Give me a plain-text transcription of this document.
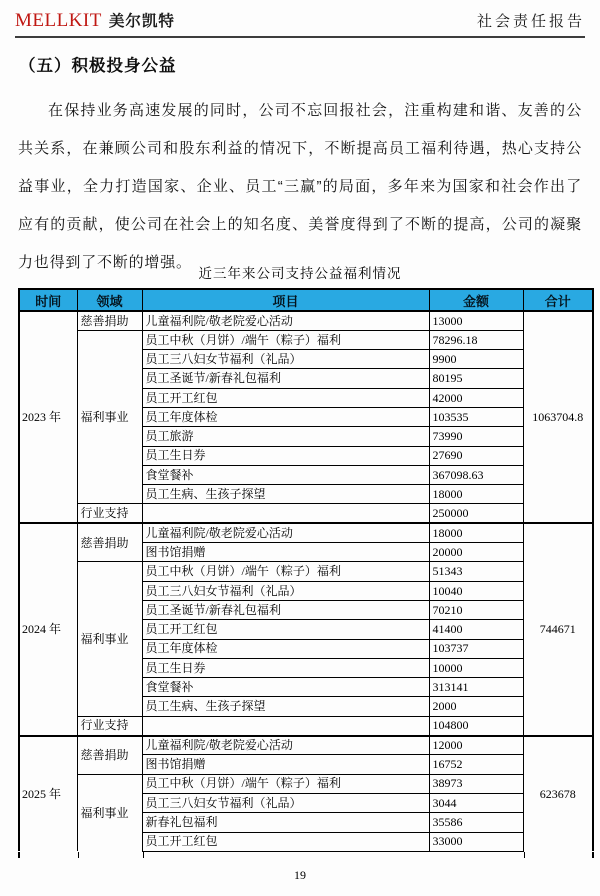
MELLKIT 美尔凯特	社会责任报告
（五）积极投身公益

在保持业务高速发展的同时，公司不忘回报社会，注重构建和谐、友善的公共关系，在兼顾公司和股东利益的情况下，不断提高员工福利待遇，热心支持公益事业，全力打造国家、企业、员工“三赢”的局面，多年来为国家和社会作出了应有的贡献，使公司在社会上的知名度、美誉度得到了不断的提高，公司的凝聚力也得到了不断的增强。

近三年来公司支持公益福利情况
时间	领域	项目	金额	合计
2023 年	慈善捐助	儿童福利院/敬老院爱心活动	13000	1063704.8
	福利事业	员工中秋（月饼）/端午（粽子）福利	78296.18	
		员工三八妇女节福利（礼品）	9900	
		员工圣诞节/新春礼包福利	80195	
		员工开工红包	42000	
		员工年度体检	103535	
		员工旅游	73990	
		员工生日券	27690	
		食堂餐补	367098.63	
		员工生病、生孩子探望	18000	
	行业支持		250000	
2024 年	慈善捐助	儿童福利院/敬老院爱心活动	18000	744671
		图书馆捐赠	20000	
	福利事业	员工中秋（月饼）/端午（粽子）福利	51343	
		员工三八妇女节福利（礼品）	10040	
		员工圣诞节/新春礼包福利	70210	
		员工开工红包	41400	
		员工年度体检	103737	
		员工生日券	10000	
		食堂餐补	313141	
		员工生病、生孩子探望	2000	
	行业支持		104800	
2025 年	慈善捐助	儿童福利院/敬老院爱心活动	12000	623678
		图书馆捐赠	16752	
	福利事业	员工中秋（月饼）/端午（粽子）福利	38973	
		员工三八妇女节福利（礼品）	3044	
		新春礼包福利	35586	
		员工开工红包	33000	
19
